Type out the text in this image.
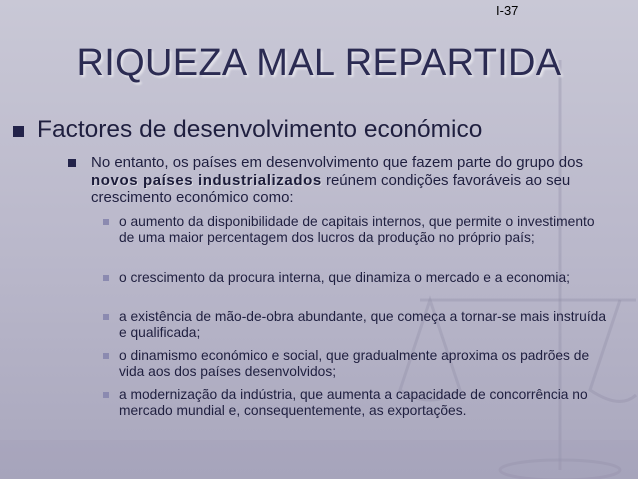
I-37
RIQUEZA MAL REPARTIDA
Factores de desenvolvimento económico
No entanto, os países em desenvolvimento que fazem parte do grupo dos novos países industrializados reúnem condições favoráveis ao seu crescimento económico como:
o aumento da disponibilidade de capitais internos, que permite o investimento de uma maior percentagem dos lucros da produção no próprio país;
o crescimento da procura interna, que dinamiza o mercado e a economia;
a existência de mão-de-obra abundante, que começa a tornar-se mais instruída e qualificada;
o dinamismo económico e social, que gradualmente aproxima os padrões de vida aos dos países desenvolvidos;
a modernização da indústria, que aumenta a capacidade de concorrência no mercado mundial e, consequentemente, as exportações.
